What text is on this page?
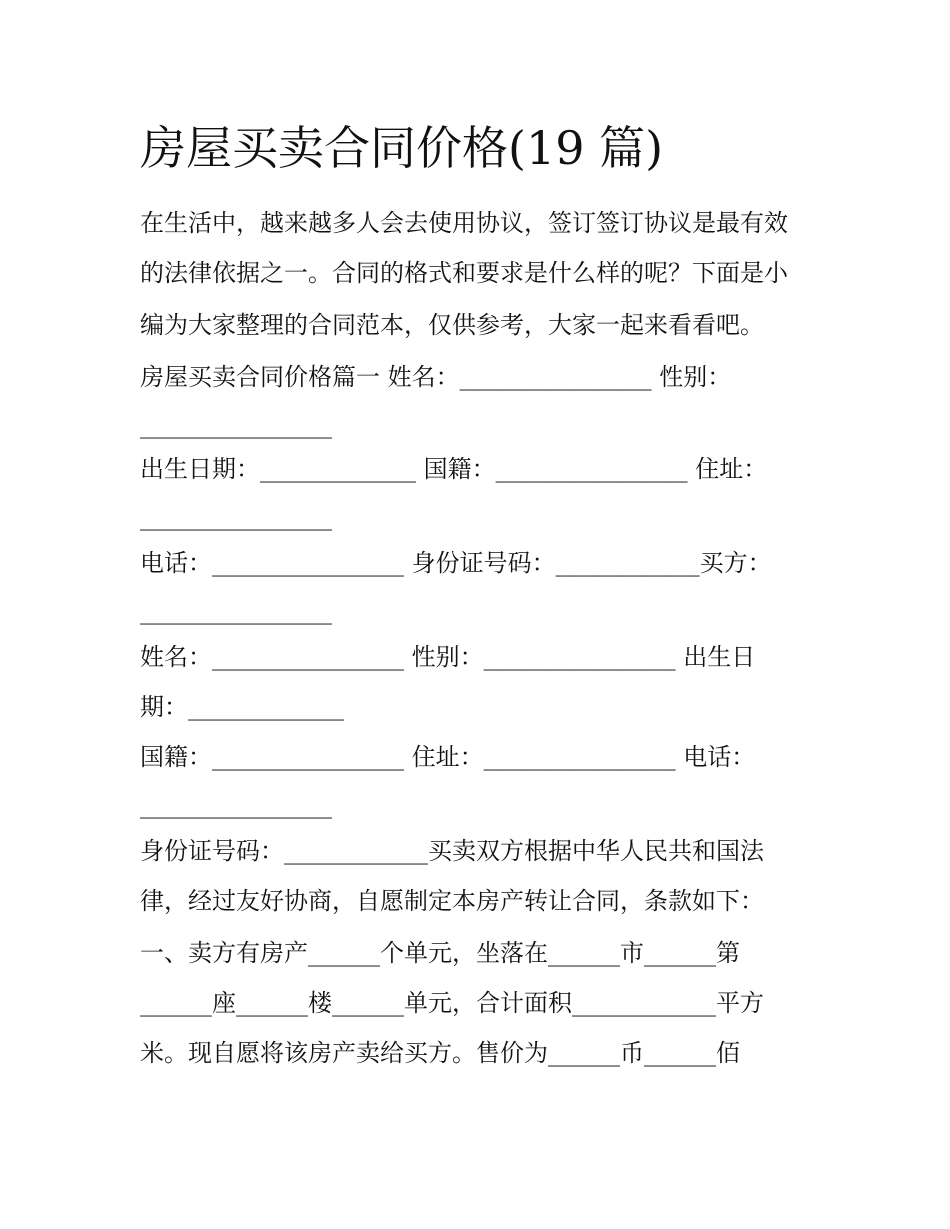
房屋买卖合同价格(19 篇)

在生活中，越来越多人会去使用协议，签订签订协议是最有效

的法律依据之一。合同的格式和要求是什么样的呢？下面是小

编为大家整理的合同范本，仅供参考，大家一起来看看吧。

房屋买卖合同价格篇一 姓名：________________ 性别：

________________

出生日期：_____________ 国籍：________________ 住址：

________________

电话：________________ 身份证号码：____________买方：

________________

姓名：________________ 性别：________________ 出生日

期：_____________

国籍：________________ 住址：________________ 电话：

________________

身份证号码：____________买卖双方根据中华人民共和国法

律，经过友好协商，自愿制定本房产转让合同，条款如下：

一、卖方有房产______个单元，坐落在______市______第

______座______楼______单元，合计面积____________平方

米。现自愿将该房产卖给买方。售价为______币______佰
